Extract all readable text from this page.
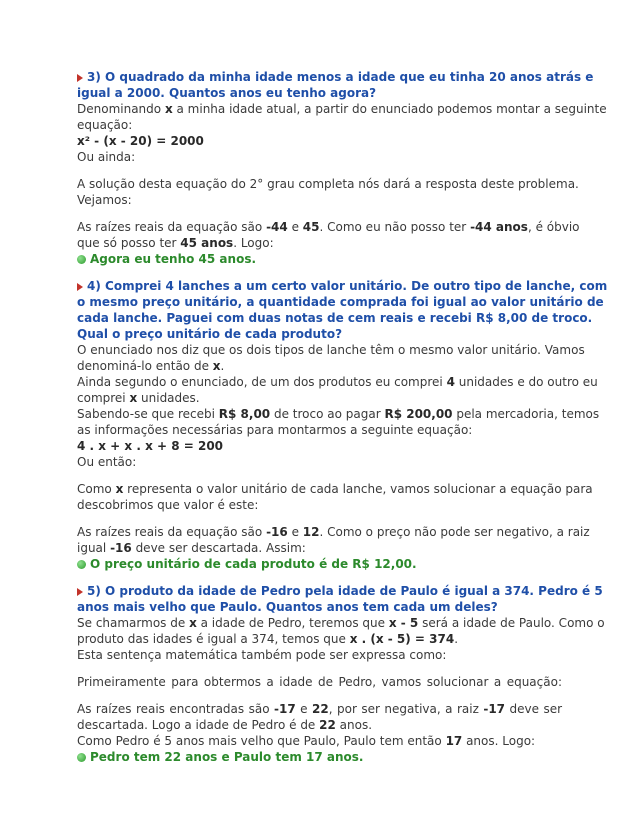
3) O quadrado da minha idade menos a idade que eu tinha 20 anos atrás e
igual a 2000. Quantos anos eu tenho agora?
Denominando x a minha idade atual, a partir do enunciado podemos montar a seguinte
equação:
x² - (x - 20) = 2000
Ou ainda:
A solução desta equação do 2° grau completa nós dará a resposta deste problema.
Vejamos:
As raízes reais da equação são -44 e 45. Como eu não posso ter -44 anos, é óbvio
que só posso ter 45 anos. Logo:
Agora eu tenho 45 anos.
4) Comprei 4 lanches a um certo valor unitário. De outro tipo de lanche, com
o mesmo preço unitário, a quantidade comprada foi igual ao valor unitário de
cada lanche. Paguei com duas notas de cem reais e recebi R$ 8,00 de troco.
Qual o preço unitário de cada produto?
O enunciado nos diz que os dois tipos de lanche têm o mesmo valor unitário. Vamos
denominá-lo então de x.
Ainda segundo o enunciado, de um dos produtos eu comprei 4 unidades e do outro eu
comprei x unidades.
Sabendo-se que recebi R$ 8,00 de troco ao pagar R$ 200,00 pela mercadoria, temos
as informações necessárias para montarmos a seguinte equação:
4 . x + x . x + 8 = 200
Ou então:
Como x representa o valor unitário de cada lanche, vamos solucionar a equação para
descobrimos que valor é este:
As raízes reais da equação são -16 e 12. Como o preço não pode ser negativo, a raiz
igual -16 deve ser descartada. Assim:
O preço unitário de cada produto é de R$ 12,00.
5) O produto da idade de Pedro pela idade de Paulo é igual a 374. Pedro é 5
anos mais velho que Paulo. Quantos anos tem cada um deles?
Se chamarmos de x a idade de Pedro, teremos que x - 5 será a idade de Paulo. Como o
produto das idades é igual a 374, temos que x . (x - 5) = 374.
Esta sentença matemática também pode ser expressa como:
Primeiramente para obtermos a idade de Pedro, vamos solucionar a equação:
As raízes reais encontradas são -17 e 22, por ser negativa, a raiz -17 deve ser
descartada. Logo a idade de Pedro é de 22 anos.
Como Pedro é 5 anos mais velho que Paulo, Paulo tem então 17 anos. Logo:
Pedro tem 22 anos e Paulo tem 17 anos.
